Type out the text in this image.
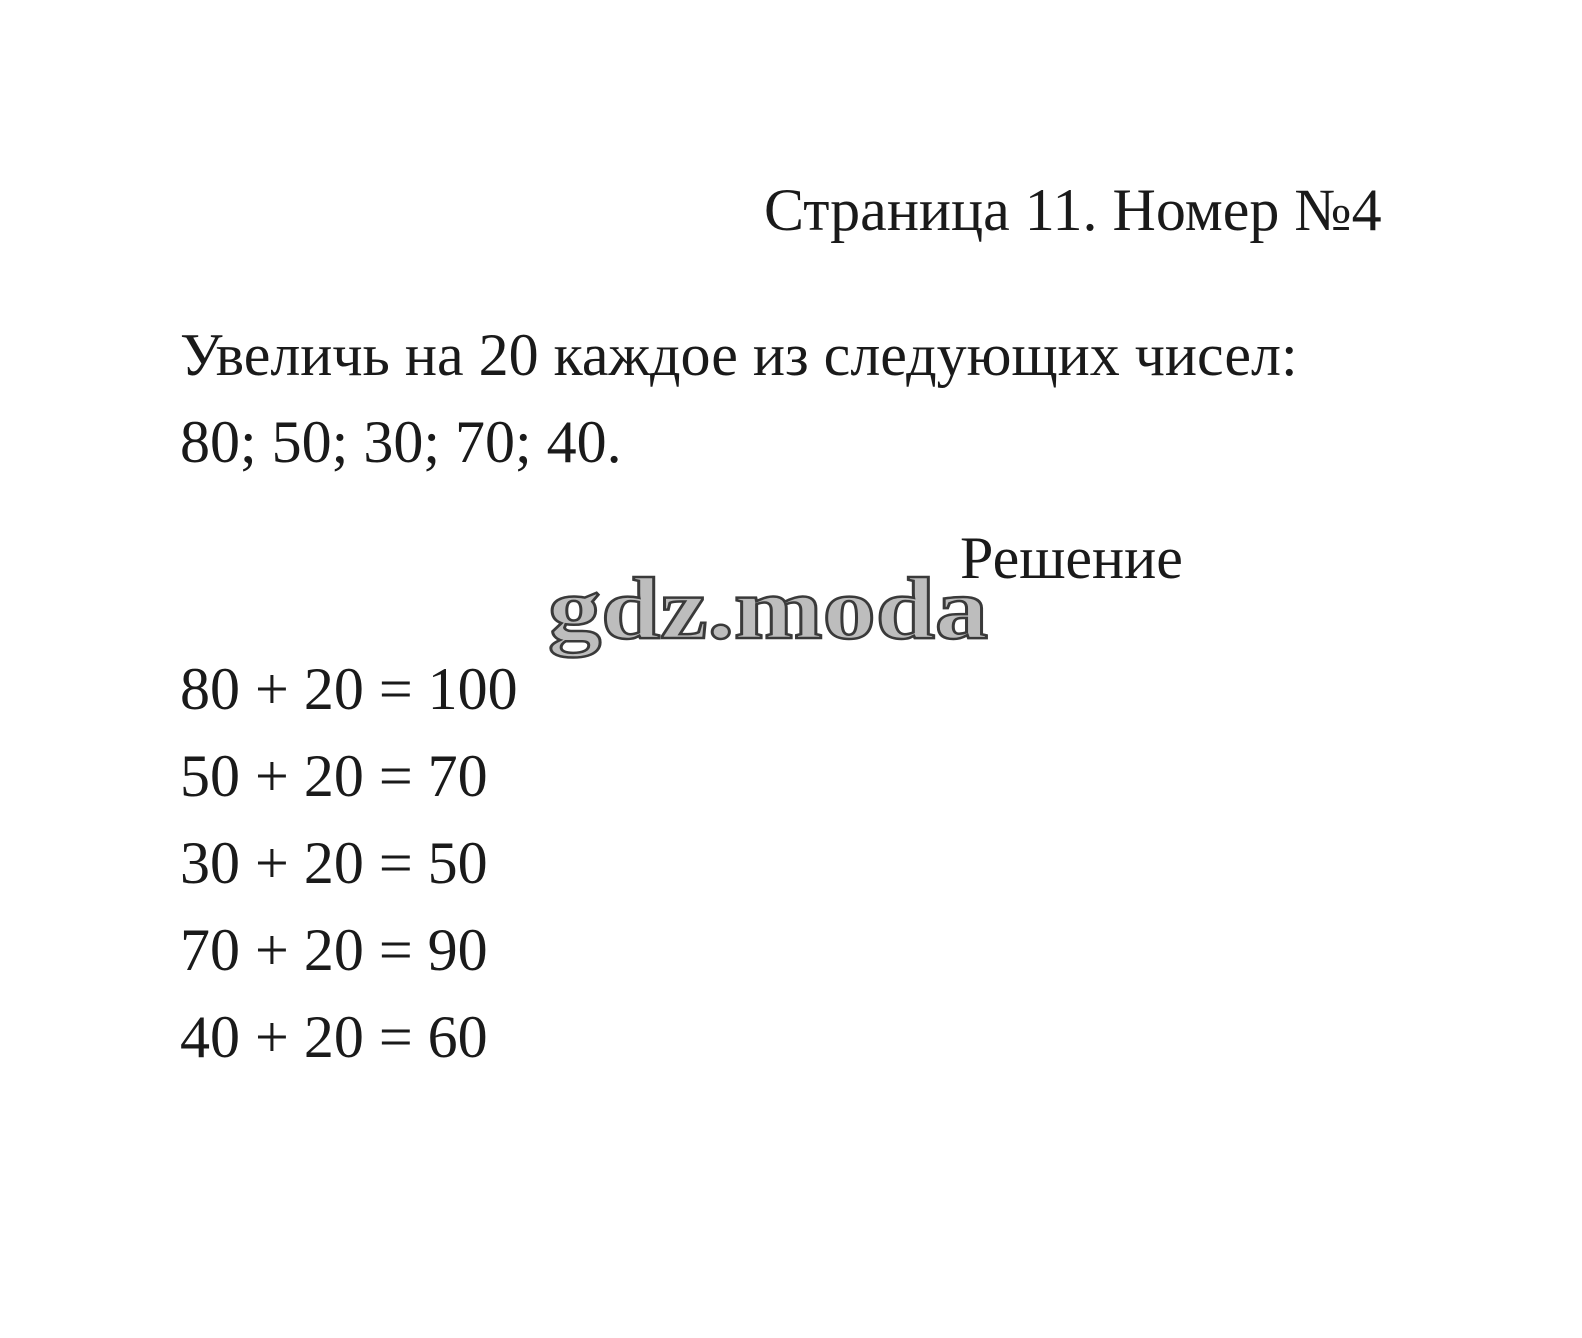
Страница 11. Номер №4
Увеличь на 20 каждое из следующих чисел:
80; 50; 30; 70; 40.
Решение
gdz.moda
80 + 20 = 100
50 + 20 = 70
30 + 20 = 50
70 + 20 = 90
40 + 20 = 60
